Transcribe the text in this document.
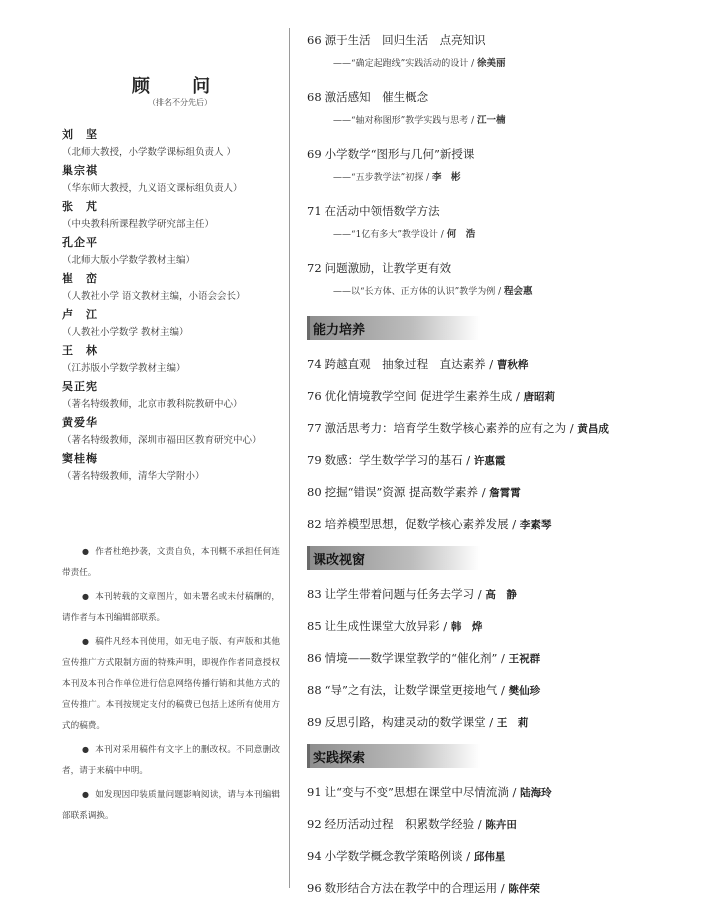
顾 问
（排名不分先后）
刘　坚
（北师大教授，小学数学课标组负责人 ）
巢宗祺
（华东师大教授，九义语文课标组负责人）
张　芃
（中央教科所课程教学研究部主任）
孔企平
（北师大版小学数学教材主编）
崔　峦
（人教社小学 语文教材主编，小语会会长）
卢　江
（人教社小学数学 教材主编）
王　林
（江苏版小学数学教材主编）
吴正宪
（著名特级教师，北京市教科院教研中心）
黄爱华
（著名特级教师，深圳市福田区教育研究中心）
窦桂梅
（著名特级教师，清华大学附小）

● 作者杜绝抄袭，文责自负，本刊概不承担任何连带责任。

● 本刊转载的文章图片，如未署名或未付稿酬的，请作者与本刊编辑部联系。

● 稿件凡经本刊使用，如无电子版、有声版和其他宣传推广方式限制方面的特殊声明，即视作作者同意授权本刊及本刊合作单位进行信息网络传播行销和其他方式的宣传推广。本刊按规定支付的稿费已包括上述所有使用方式的稿费。

● 本刊对采用稿件有文字上的删改权。不同意删改者，请于来稿中申明。

● 如发现因印装质量问题影响阅读，请与本刊编辑部联系调换。

66 源于生活　回归生活　点亮知识
——“确定起跑线”实践活动的设计 / 徐美丽
68 激活感知　催生概念
——“轴对称图形”教学实践与思考 / 江一楠
69 小学数学“图形与几何”新授课
——“五步教学法”初探 / 李　彬
71 在活动中领悟数学方法
——“1亿有多大”教学设计 / 何　浩
72 问题激励，让教学更有效
——以“长方体、正方体的认识”教学为例 / 程会惠
能力培养
74 跨越直观　抽象过程　直达素养 / 曹秋桦
76 优化情境教学空间 促进学生素养生成 / 唐昭莉
77 激活思考力：培育学生数学核心素养的应有之为 / 黄昌成
79 数感：学生数学学习的基石 / 许惠霞
80 挖掘“错误”资源 提高数学素养 / 詹霄霄
82 培养模型思想，促数学核心素养发展 / 李素琴
课改视窗
83 让学生带着问题与任务去学习 / 高　静
85 让生成性课堂大放异彩 / 韩　烨
86 情境——数学课堂教学的“催化剂” / 王祝群
88 “导”之有法，让数学课堂更接地气 / 樊仙珍
89 反思引路，构建灵动的数学课堂 / 王　莉
实践探索
91 让“变与不变”思想在课堂中尽情流淌 / 陆海玲
92 经历活动过程　积累数学经验 / 陈卉田
94 小学数学概念教学策略例谈 / 邱伟星
96 数形结合方法在教学中的合理运用 / 陈伴荣
